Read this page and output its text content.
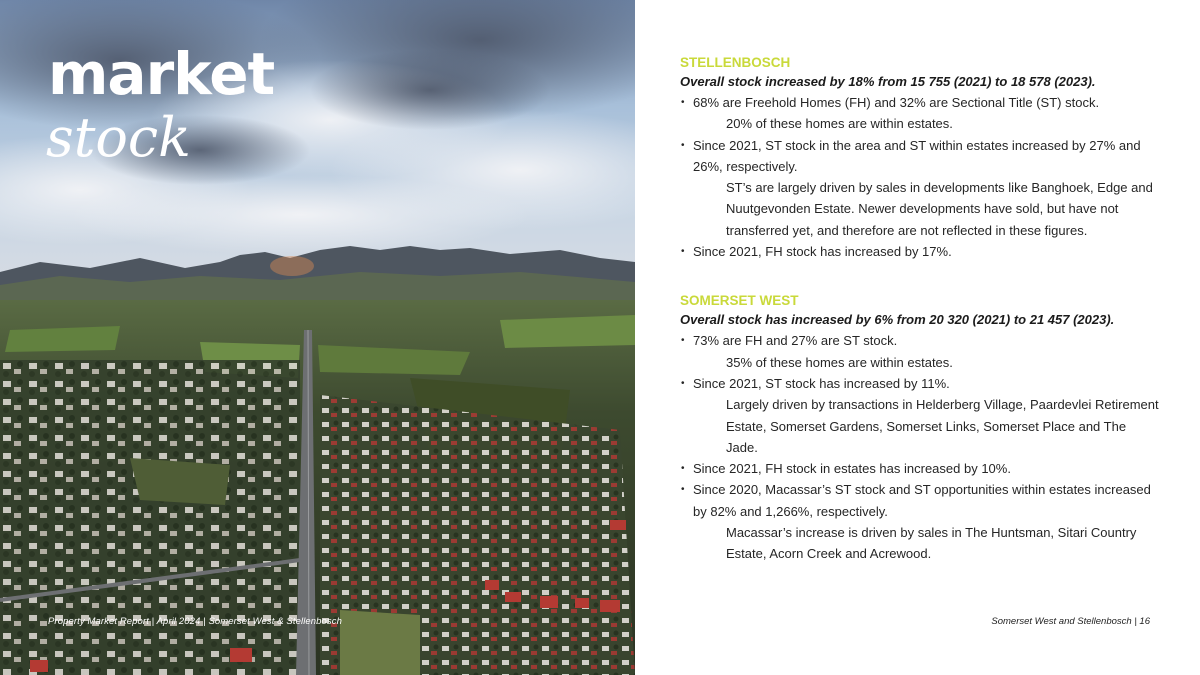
market
stock
Property Market Report | April 2024 | Somerset West & Stellenbosch

STELLENBOSCH

Overall stock increased by 18% from 15 755 (2021) to 18 578 (2023).

• 68% are Freehold Homes (FH) and 32% are Sectional Title (ST) stock.

20% of these homes are within estates.

• Since 2021, ST stock in the area and ST within estates increased by 27% and 26%, respectively.

ST’s are largely driven by sales in developments like Banghoek, Edge and Nuutgevonden Estate. Newer developments have sold, but have not transferred yet, and therefore are not reflected in these figures.

• Since 2021, FH stock has increased by 17%.

SOMERSET WEST

Overall stock has increased by 6% from 20 320 (2021) to 21 457 (2023).

• 73% are FH and 27% are ST stock.

35% of these homes are within estates.

• Since 2021, ST stock has increased by 11%.

Largely driven by transactions in Helderberg Village, Paardevlei Retirement Estate, Somerset Gardens, Somerset Links, Somerset Place and The Jade.

• Since 2021, FH stock in estates has increased by 10%.

• Since 2020, Macassar’s ST stock and ST opportunities within estates increased by 82% and 1,266%, respectively.

Macassar’s increase is driven by sales in The Huntsman, Sitari Country Estate, Acorn Creek and Acrewood.

Somerset West and Stellenbosch | 16
